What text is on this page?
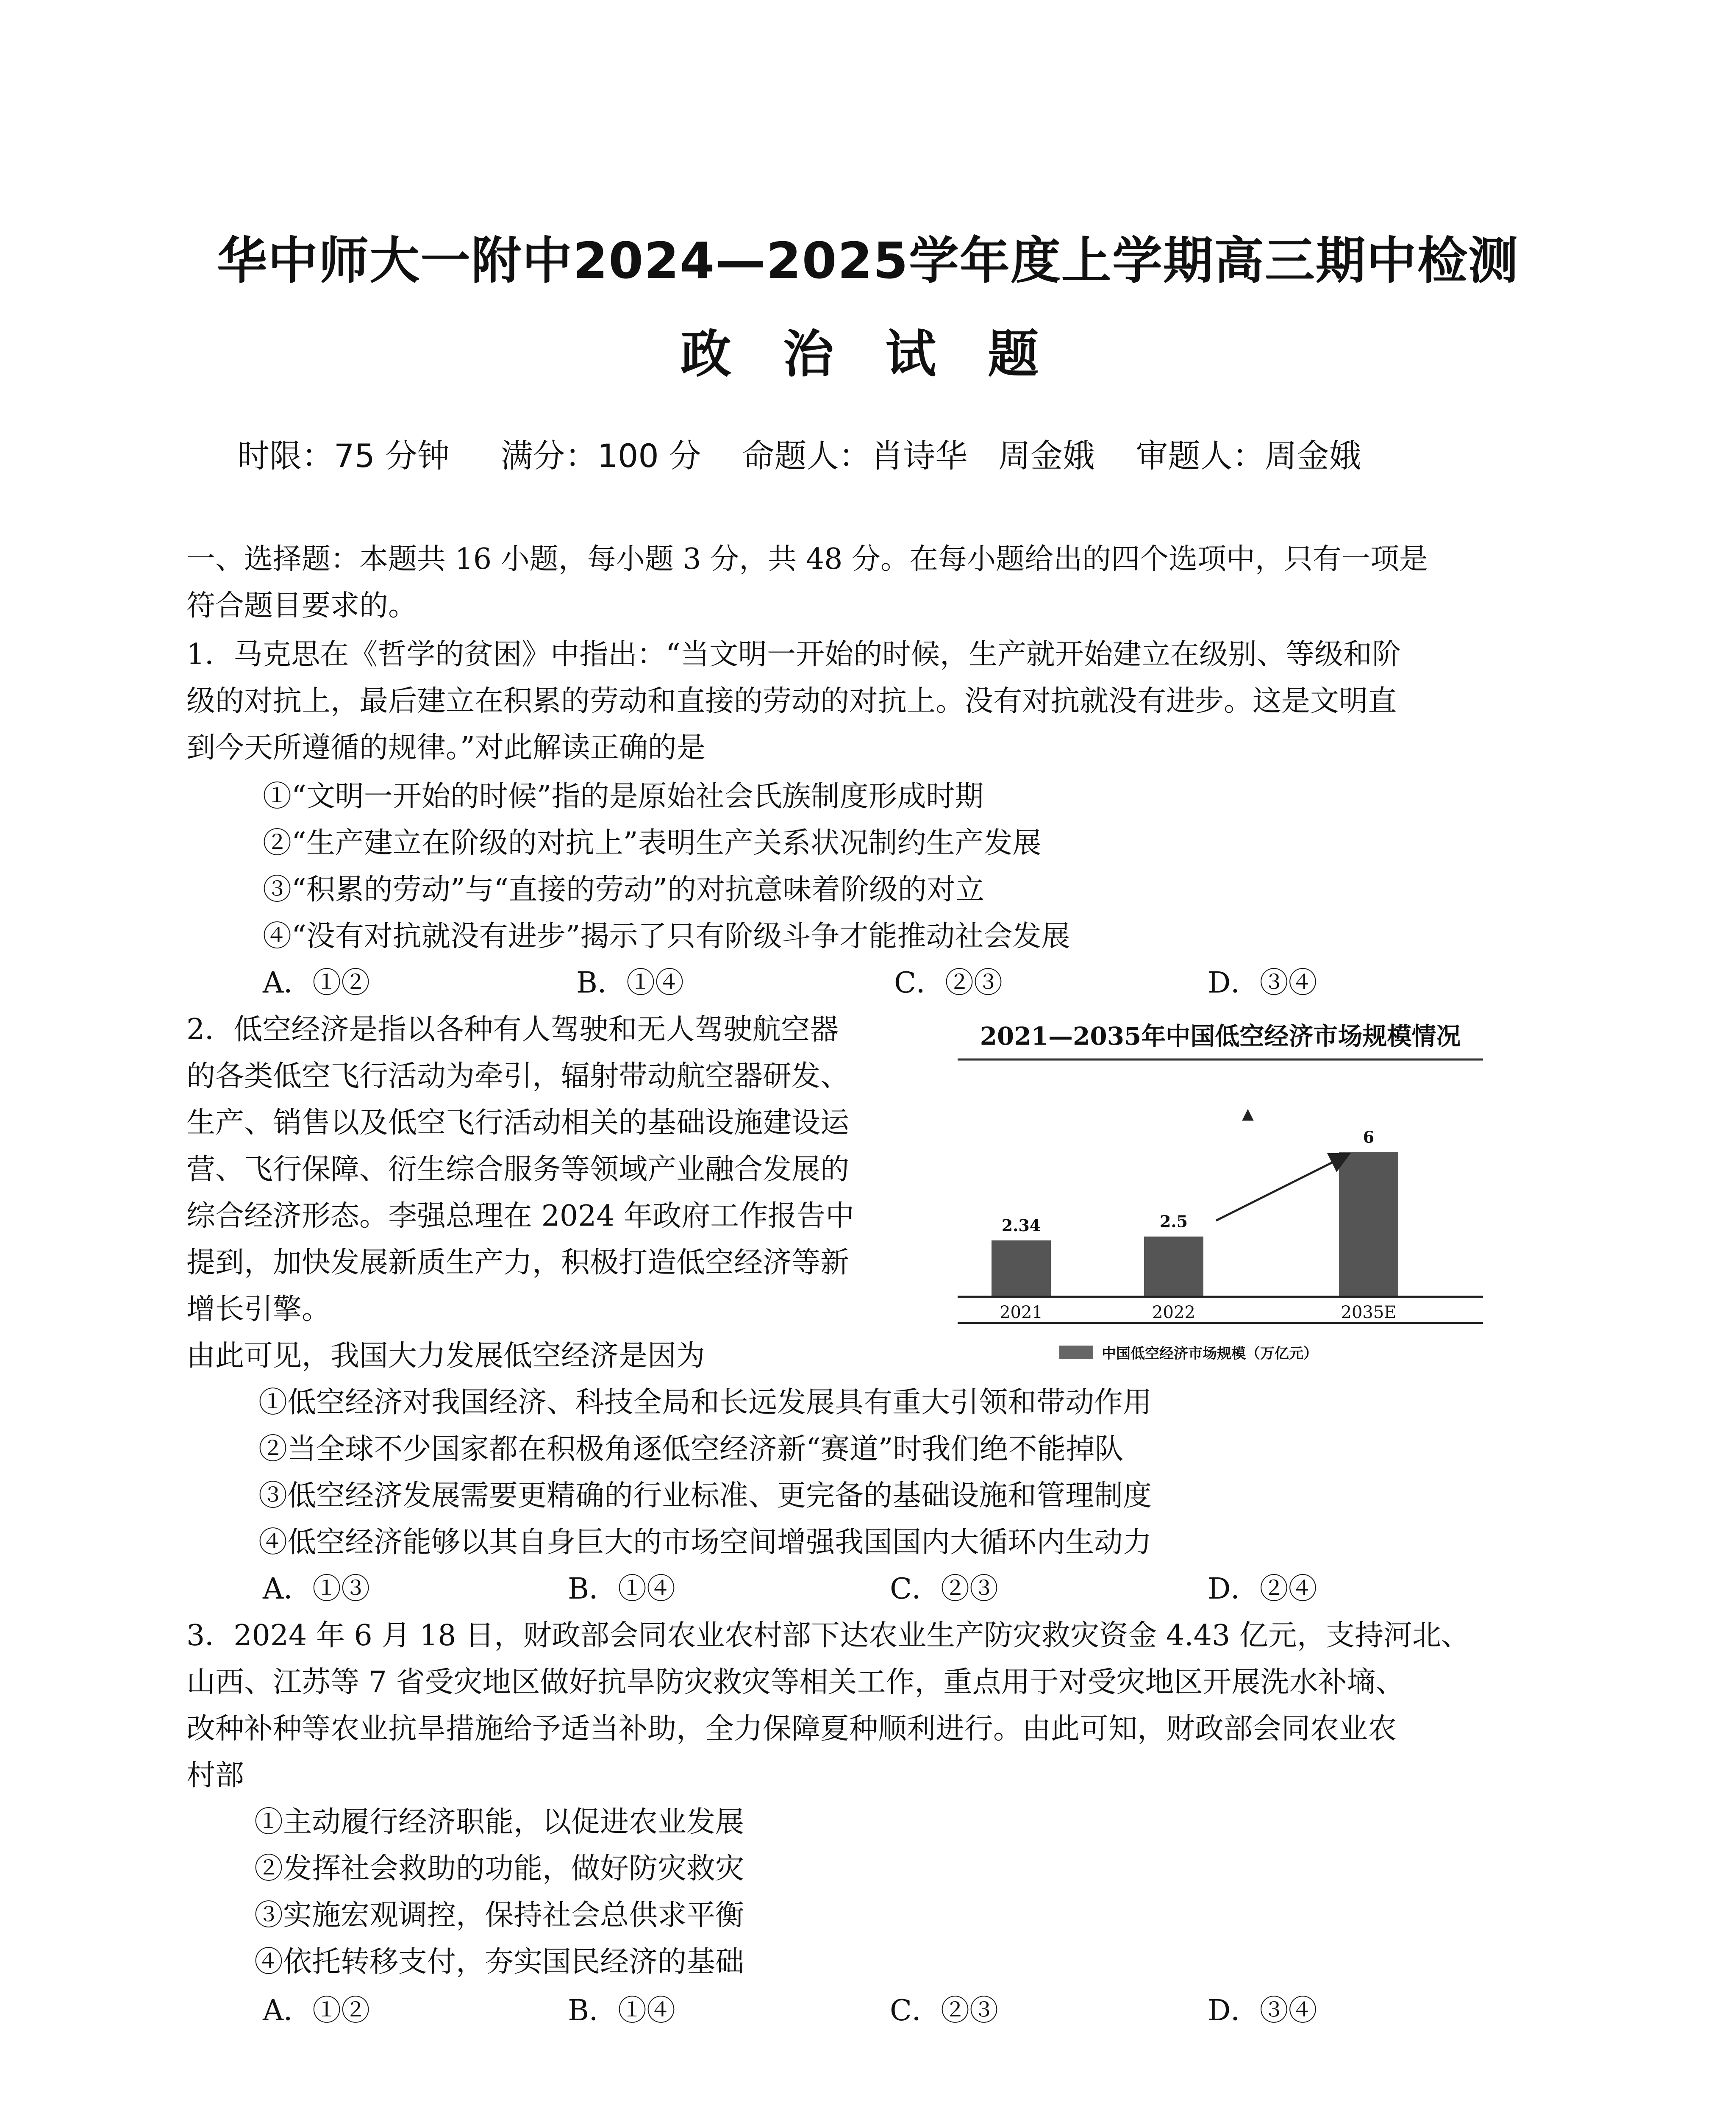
华中师大一附中2024—2025学年度上学期高三期中检测
政 治 试 题
时限：75 分钟     满分：100 分    命题人：肖诗华   周金娥    审题人：周金娥
一、选择题：本题共 16 小题，每小题 3 分，共 48 分。在每小题给出的四个选项中，只有一项是
符合题目要求的。
1．马克思在《哲学的贫困》中指出：“当文明一开始的时候，生产就开始建立在级别、等级和阶
级的对抗上，最后建立在积累的劳动和直接的劳动的对抗上。没有对抗就没有进步。这是文明直
到今天所遵循的规律。”对此解读正确的是
①“文明一开始的时候”指的是原始社会氏族制度形成时期
②“生产建立在阶级的对抗上”表明生产关系状况制约生产发展
③“积累的劳动”与“直接的劳动”的对抗意味着阶级的对立
④“没有对抗就没有进步”揭示了只有阶级斗争才能推动社会发展
A．①②	B．①④	C．②③	D．③④
2．低空经济是指以各种有人驾驶和无人驾驶航空器
的各类低空飞行活动为牵引，辐射带动航空器研发、
生产、销售以及低空飞行活动相关的基础设施建设运
营、飞行保障、衍生综合服务等领域产业融合发展的
综合经济形态。李强总理在 2024 年政府工作报告中
提到，加快发展新质生产力，积极打造低空经济等新
增长引擎。
由此可见，我国大力发展低空经济是因为
2021—2035年中国低空经济市场规模情况
2.34	2.5
6
▲
2021	2022	2035E
中国低空经济市场规模（万亿元）
①低空经济对我国经济、科技全局和长远发展具有重大引领和带动作用
②当全球不少国家都在积极角逐低空经济新“赛道”时我们绝不能掉队
③低空经济发展需要更精确的行业标准、更完备的基础设施和管理制度
④低空经济能够以其自身巨大的市场空间增强我国国内大循环内生动力
A．①③	B．①④	C．②③	D．②④
3．2024 年 6 月 18 日，财政部会同农业农村部下达农业生产防灾救灾资金 4.43 亿元，支持河北、
山西、江苏等 7 省受灾地区做好抗旱防灾救灾等相关工作，重点用于对受灾地区开展洗水补墒、
改种补种等农业抗旱措施给予适当补助，全力保障夏种顺利进行。由此可知，财政部会同农业农
村部
①主动履行经济职能，以促进农业发展
②发挥社会救助的功能，做好防灾救灾
③实施宏观调控，保持社会总供求平衡
④依托转移支付，夯实国民经济的基础
A．①②	B．①④	C．②③	D．③④
